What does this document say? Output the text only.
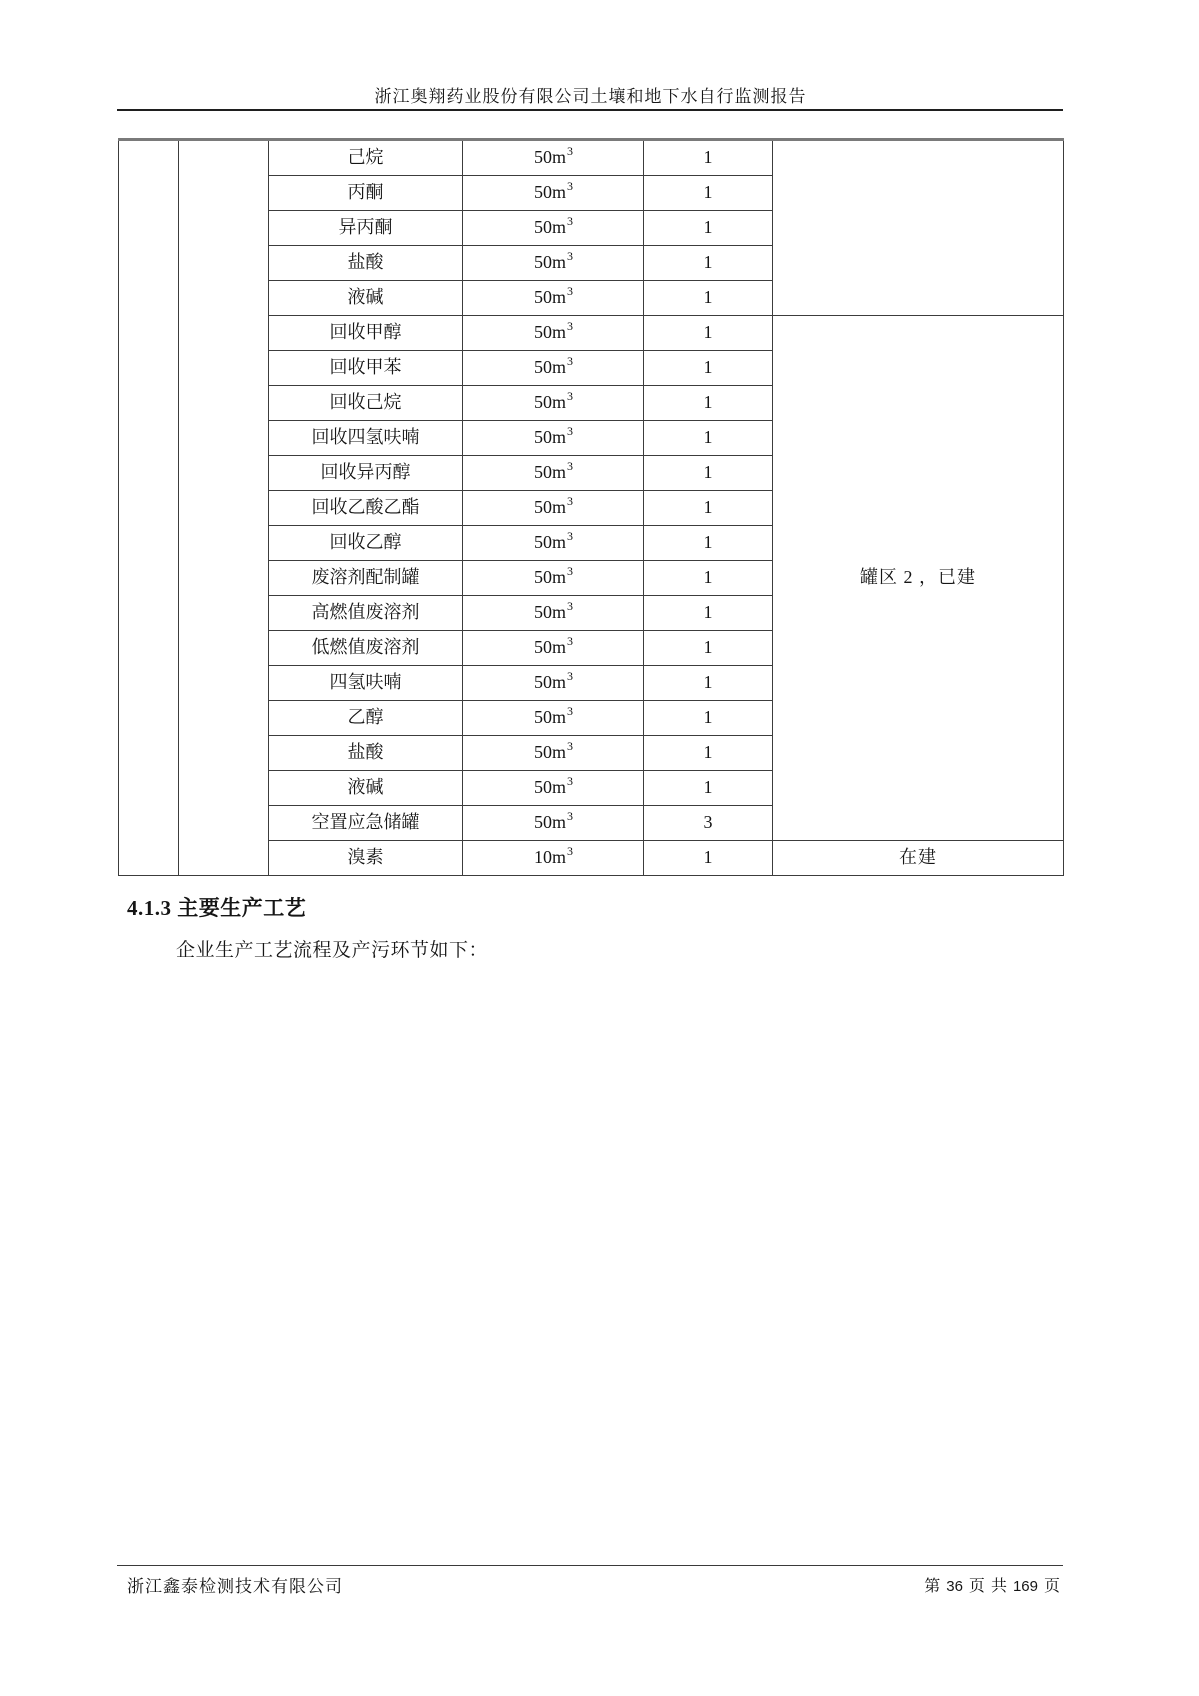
浙江奥翔药业股份有限公司土壤和地下水自行监测报告
		己烷	$50m^3$	1	
		丙酮	$50m^3$	1	
		异丙酮	$50m^3$	1	
		盐酸	$50m^3$	1	
		液碱	$50m^3$	1	
		回收甲醇	$50m^3$	1	罐区 2 ，已建
		回收甲苯	$50m^3$	1	
		回收己烷	$50m^3$	1	
		回收四氢呋喃	$50m^3$	1	
		回收异丙醇	$50m^3$	1	
		回收乙酸乙酯	$50m^3$	1	
		回收乙醇	$50m^3$	1	
		废溶剂配制罐	$50m^3$	1	
		高燃值废溶剂	$50m^3$	1	
		低燃值废溶剂	$50m^3$	1	
		四氢呋喃	$50m^3$	1	
		乙醇	$50m^3$	1	
		盐酸	$50m^3$	1	
		液碱	$50m^3$	1	
		空置应急储罐	$50m^3$	3	
		溴素	$10m^3$	1	在建
4.1.3 主要生产工艺
企业生产工艺流程及产污环节如下：
浙江鑫泰检测技术有限公司	第 36 页 共 169 页
